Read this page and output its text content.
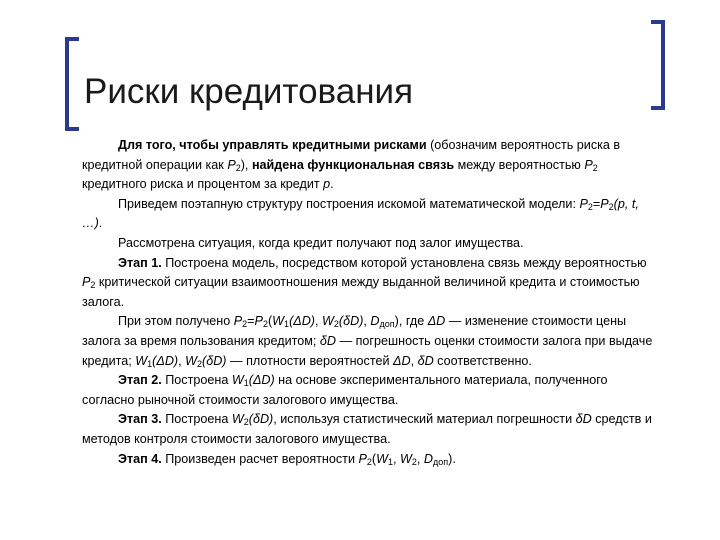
Риски кредитования

Для того, чтобы управлять кредитными рисками (обозначим вероятность риска в кредитной операции как $P_2$), найдена функциональная связь между вероятностью $P_2$ кредитного риска и процентом за кредит p.

Приведем поэтапную структуру построения искомой математической модели: $P_2=P_2(p$, t, …).

Рассмотрена ситуация, когда кредит получают под залог имущества.

Этап 1. Построена модель, посредством которой установлена связь между вероятностью $P_2$ критической ситуации взаимоотношения между выданной величиной кредита и стоимостью залога.

При этом получено $P_2=P_2(W_1(\Delta D)$, $W_2(\delta D)$, $D_{доп}$), где ΔD — изменение стоимости цены залога за время пользования кредитом; δD — погрешность оценки стоимости залога при выдаче кредита; $W_1(\Delta D)$, $W_2(\delta D)$ — плотности вероятностей ΔD, δD соответственно.

Этап 2. Построена $W_1(\Delta D)$ на основе экспериментального материала, полученного согласно рыночной стоимости залогового имущества.

Этап 3. Построена $W_2(\delta D)$, используя статистический материал погрешности δD средств и методов контроля стоимости залогового имущества.

Этап 4. Произведен расчет вероятности $P_2(W_1$, $W_2$, $D_{доп}$).
